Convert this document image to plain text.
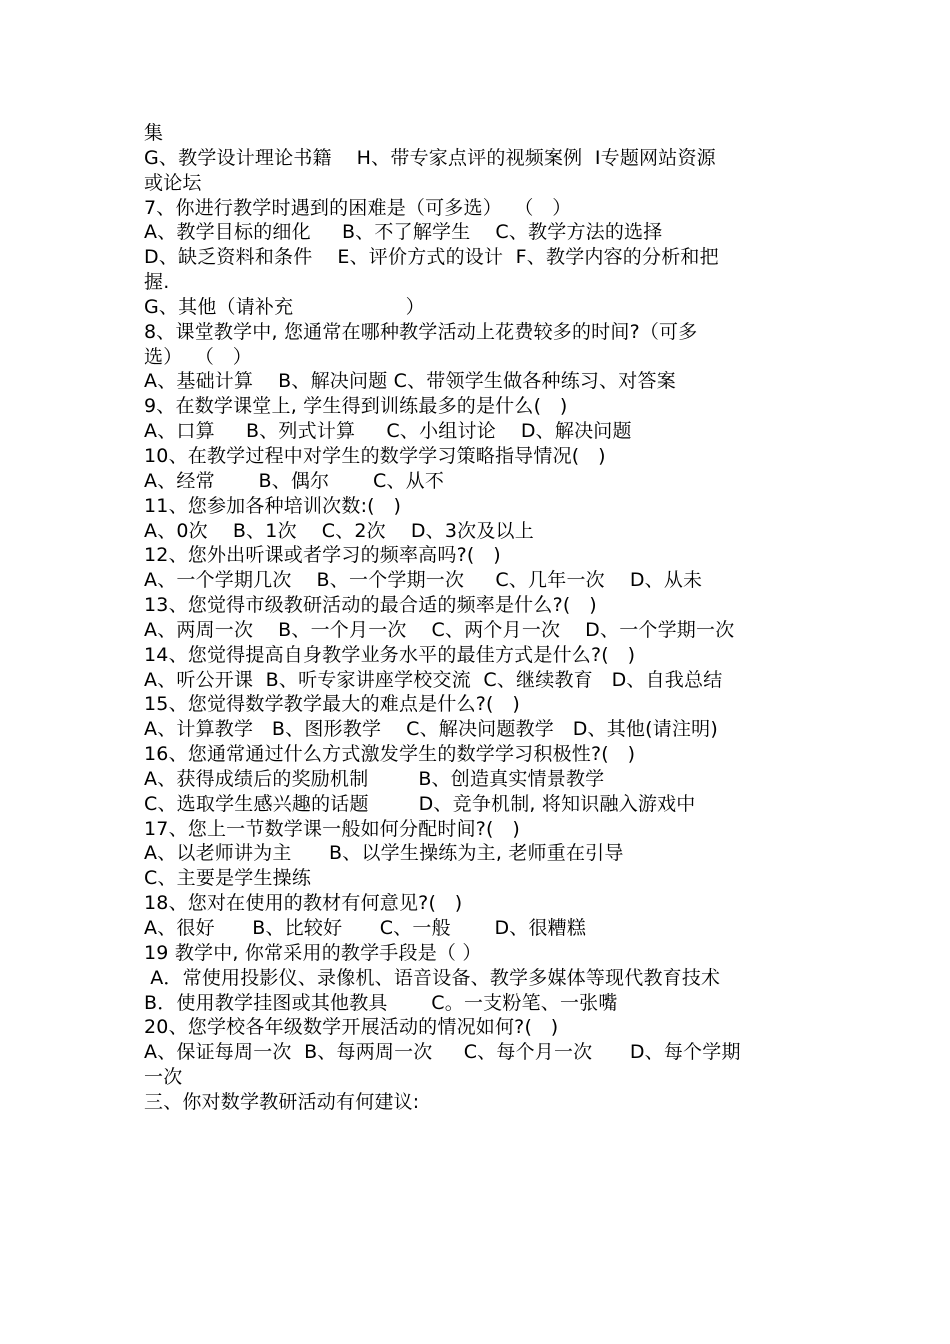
集
G、教学设计理论书籍    H、带专家点评的视频案例  I专题网站资源
或论坛
7、你进行教学时遇到的困难是（可多选）  （   ）
A、教学目标的细化     B、不了解学生    C、教学方法的选择
D、缺乏资料和条件    E、评价方式的设计  F、教学内容的分析和把
握.
G、其他（请补充                  ）
8、课堂教学中, 您通常在哪种教学活动上花费较多的时间?（可多
选）  （   ）
A、基础计算    B、解决问题 C、带领学生做各种练习、对答案
9、在数学课堂上, 学生得到训练最多的是什么(   )
A、口算     B、列式计算     C、小组讨论    D、解决问题
10、在教学过程中对学生的数学学习策略指导情况(   )
A、经常       B、偶尔       C、从不
11、您参加各种培训次数:(   )
A、0次    B、1次    C、2次    D、3次及以上
12、您外出听课或者学习的频率高吗?(   )
A、一个学期几次    B、一个学期一次     C、几年一次    D、从未
13、您觉得市级教研活动的最合适的频率是什么?(   )
A、两周一次    B、一个月一次    C、两个月一次    D、一个学期一次
14、您觉得提高自身教学业务水平的最佳方式是什么?(   )
A、听公开课  B、听专家讲座学校交流  C、继续教育   D、自我总结
15、您觉得数学教学最大的难点是什么?(   )
A、计算教学   B、图形教学    C、解决问题教学   D、其他(请注明)
16、您通常通过什么方式激发学生的数学学习积极性?(   )
A、获得成绩后的奖励机制        B、创造真实情景教学
C、选取学生感兴趣的话题        D、竞争机制, 将知识融入游戏中
17、您上一节数学课一般如何分配时间?(   )
A、以老师讲为主      B、以学生操练为主, 老师重在引导
C、主要是学生操练
18、您对在使用的教材有何意见?(   )
A、很好      B、比较好      C、一般       D、很糟糕
19 教学中, 你常采用的教学手段是（ ）
A．常使用投影仪、录像机、语音设备、教学多媒体等现代教育技术
B．使用教学挂图或其他教具       C。一支粉笔、一张嘴
20、您学校各年级数学开展活动的情况如何?(   )
A、保证每周一次  B、每两周一次     C、每个月一次      D、每个学期
一次
三、你对数学教研活动有何建议:
